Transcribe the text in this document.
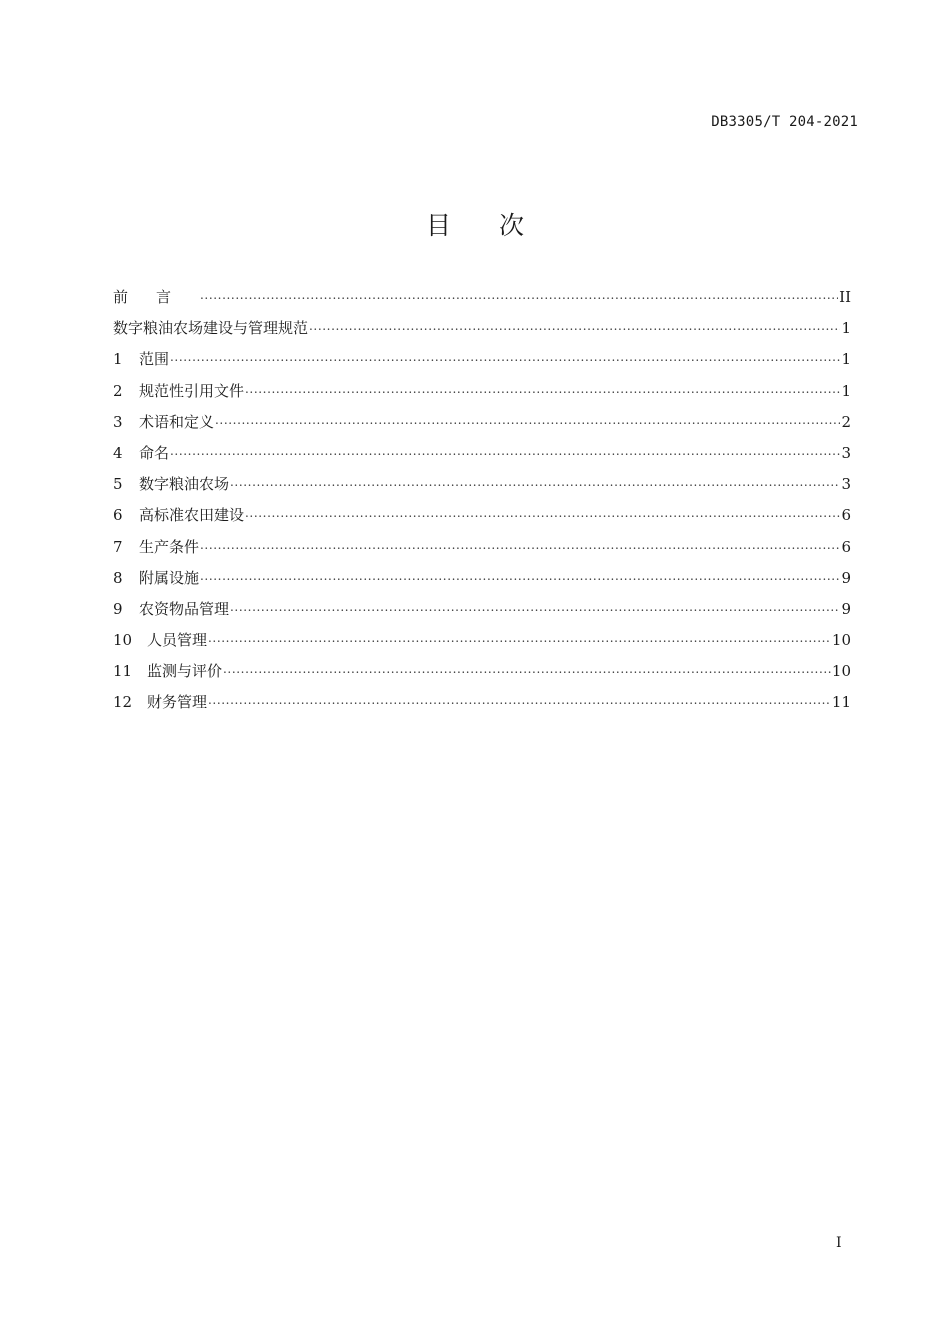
DB3305/T 204-2021
目次
前言 .....	II
数字粮油农场建设与管理规范 .....	1
1	范围 .....	1
2	规范性引用文件 .....	1
3	术语和定义 .....	2
4	命名 .....	3
5	数字粮油农场 .....	3
6	高标准农田建设 .....	6
7	生产条件 .....	6
8	附属设施 .....	9
9	农资物品管理 .....	9
10 人员管理 .....	10
11 监测与评价 .....	10
12 财务管理 .....	11
I
